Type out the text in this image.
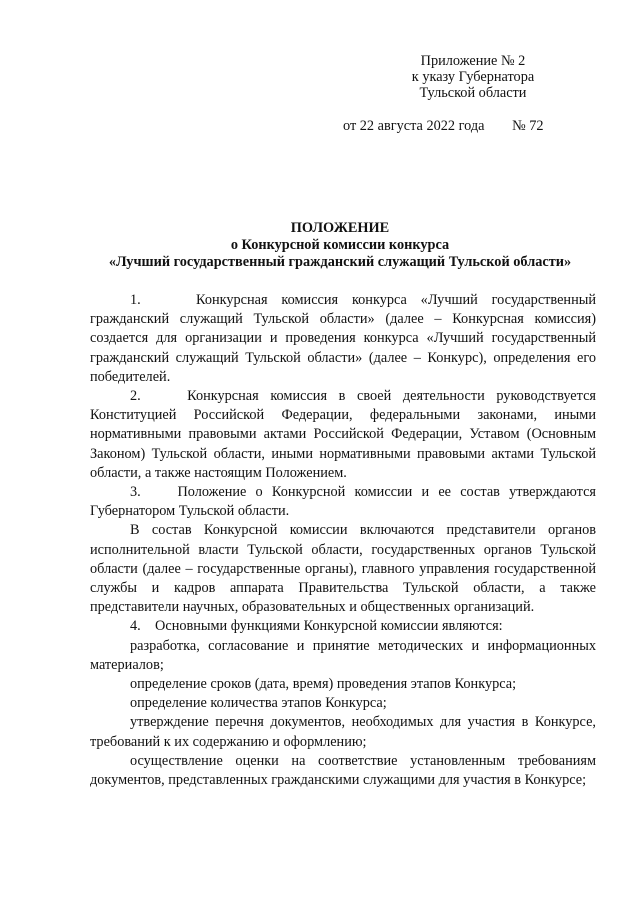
Приложение № 2
к указу Губернатора
Тульской области
от 22 августа 2022 года № 72
ПОЛОЖЕНИЕ
о Конкурсной комиссии конкурса
«Лучший государственный гражданский служащий Тульской области»

1.    Конкурсная комиссия конкурса «Лучший государственный гражданский служащий Тульской области» (далее – Конкурсная комиссия) создается для организации и проведения конкурса «Лучший государственный гражданский служащий Тульской области» (далее – Конкурс), определения его победителей.

2.    Конкурсная комиссия в своей деятельности руководствуется Конституцией Российской Федерации, федеральными законами, иными нормативными правовыми актами Российской Федерации, Уставом (Основным Законом) Тульской области, иными нормативными правовыми актами Тульской области, а также настоящим Положением.

3.    Положение о Конкурсной комиссии и ее состав утверждаются Губернатором Тульской области.

В состав Конкурсной комиссии включаются представители органов исполнительной власти Тульской области, государственных органов Тульской области (далее – государственные органы), главного управления государственной службы и кадров аппарата Правительства Тульской области, а также представители научных, образовательных и общественных организаций.

4.    Основными функциями Конкурсной комиссии являются:

разработка, согласование и принятие методических и информационных материалов;

определение сроков (дата, время) проведения этапов Конкурса;

определение количества этапов Конкурса;

утверждение перечня документов, необходимых для участия в Конкурсе, требований к их содержанию и оформлению;

осуществление оценки на соответствие установленным требованиям документов, представленных гражданскими служащими для участия в Конкурсе;
